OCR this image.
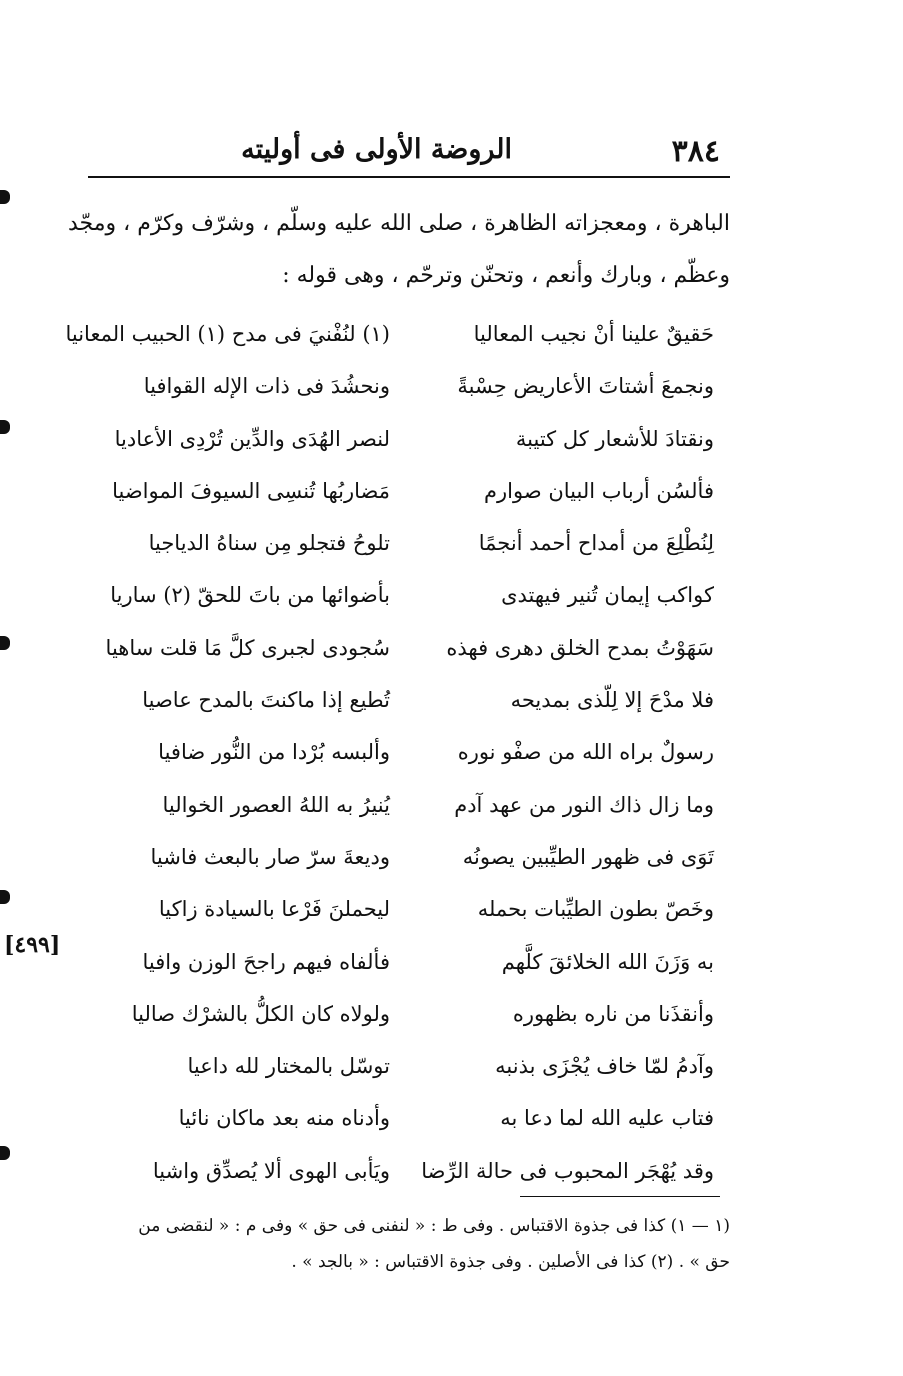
٣٨٤
الروضة الأولى فى أوليته
[٤٩٩]
الباهرة ، ومعجزاته الظاهرة ، صلى الله عليه وسلّم ، وشرّف وكرّم ، ومجّد
وعظّم ، وبارك وأنعم ، وتحنّن وترحّم ، وهى قوله :
حَقيقٌ علينا أنْ نجيب المعاليا
(١) لنُفْنيَ فى مدح (١) الحبيب المعانيا
ونجمعَ أشتاتَ الأعاريض حِسْبةً
ونحشُدَ فى ذات الإله القوافيا
ونقتادَ للأشعار كل كتيبة
لنصر الهُدَى والدِّين تُرْدِى الأعاديا
فألسُن أرباب البيان صوارم
مَضاربُها تُنسِى السيوفَ المواضيا
لِنُطْلِعَ من أمداح أحمد أنجمًا
تلوحُ فتجلو مِن سناهُ الدياجيا
كواكب إيمان تُنير فيهتدى
بأضوائها من باتَ للحقّ (٢) ساريا
سَهَوْتُ بمدح الخلق دهرى فهذه
سُجودى لجبرى كلَّ مَا قلت ساهيا
فلا مدْحَ إلا لِلّذى بمديحه
تُطيع إذا ماكنتَ بالمدح عاصيا
رسولٌ براه الله من صفْو نوره
وألبسه بُرْدا من النُّور ضافيا
وما زال ذاك النور من عهد آدم
يُنيرُ به اللهُ العصور الخواليا
تَوَى فى ظهور الطيِّبين يصونُه
وديعةَ سرّ صار بالبعث فاشيا
وخَصّ بطون الطيِّبات بحمله
ليحملنَ فَرْعا بالسيادة زاكيا
به وَزَنَ الله الخلائقَ كلَّهم
فألفاه فيهم راجحَ الوزن وافيا
وأنقذَنا من ناره بظهوره
ولولاه كان الكلُّ بالشرْك صاليا
وآدمُ لمّا خاف يُجْزَى بذنبه
توسّل بالمختار لله داعيا
فتاب عليه الله لما دعا به
وأدناه منه بعد ماكان نائيا
وقد يُهْجَر المحبوب فى حالة الرِّضا
ويَأبى الهوى ألا يُصدِّق واشيا
(١ — ١) كذا فى جذوة الاقتباس . وفى ط : « لنفنى فى حق » وفى م : « لنقضى من
حق » . (٢) كذا فى الأصلين . وفى جذوة الاقتباس : « بالجد » .
